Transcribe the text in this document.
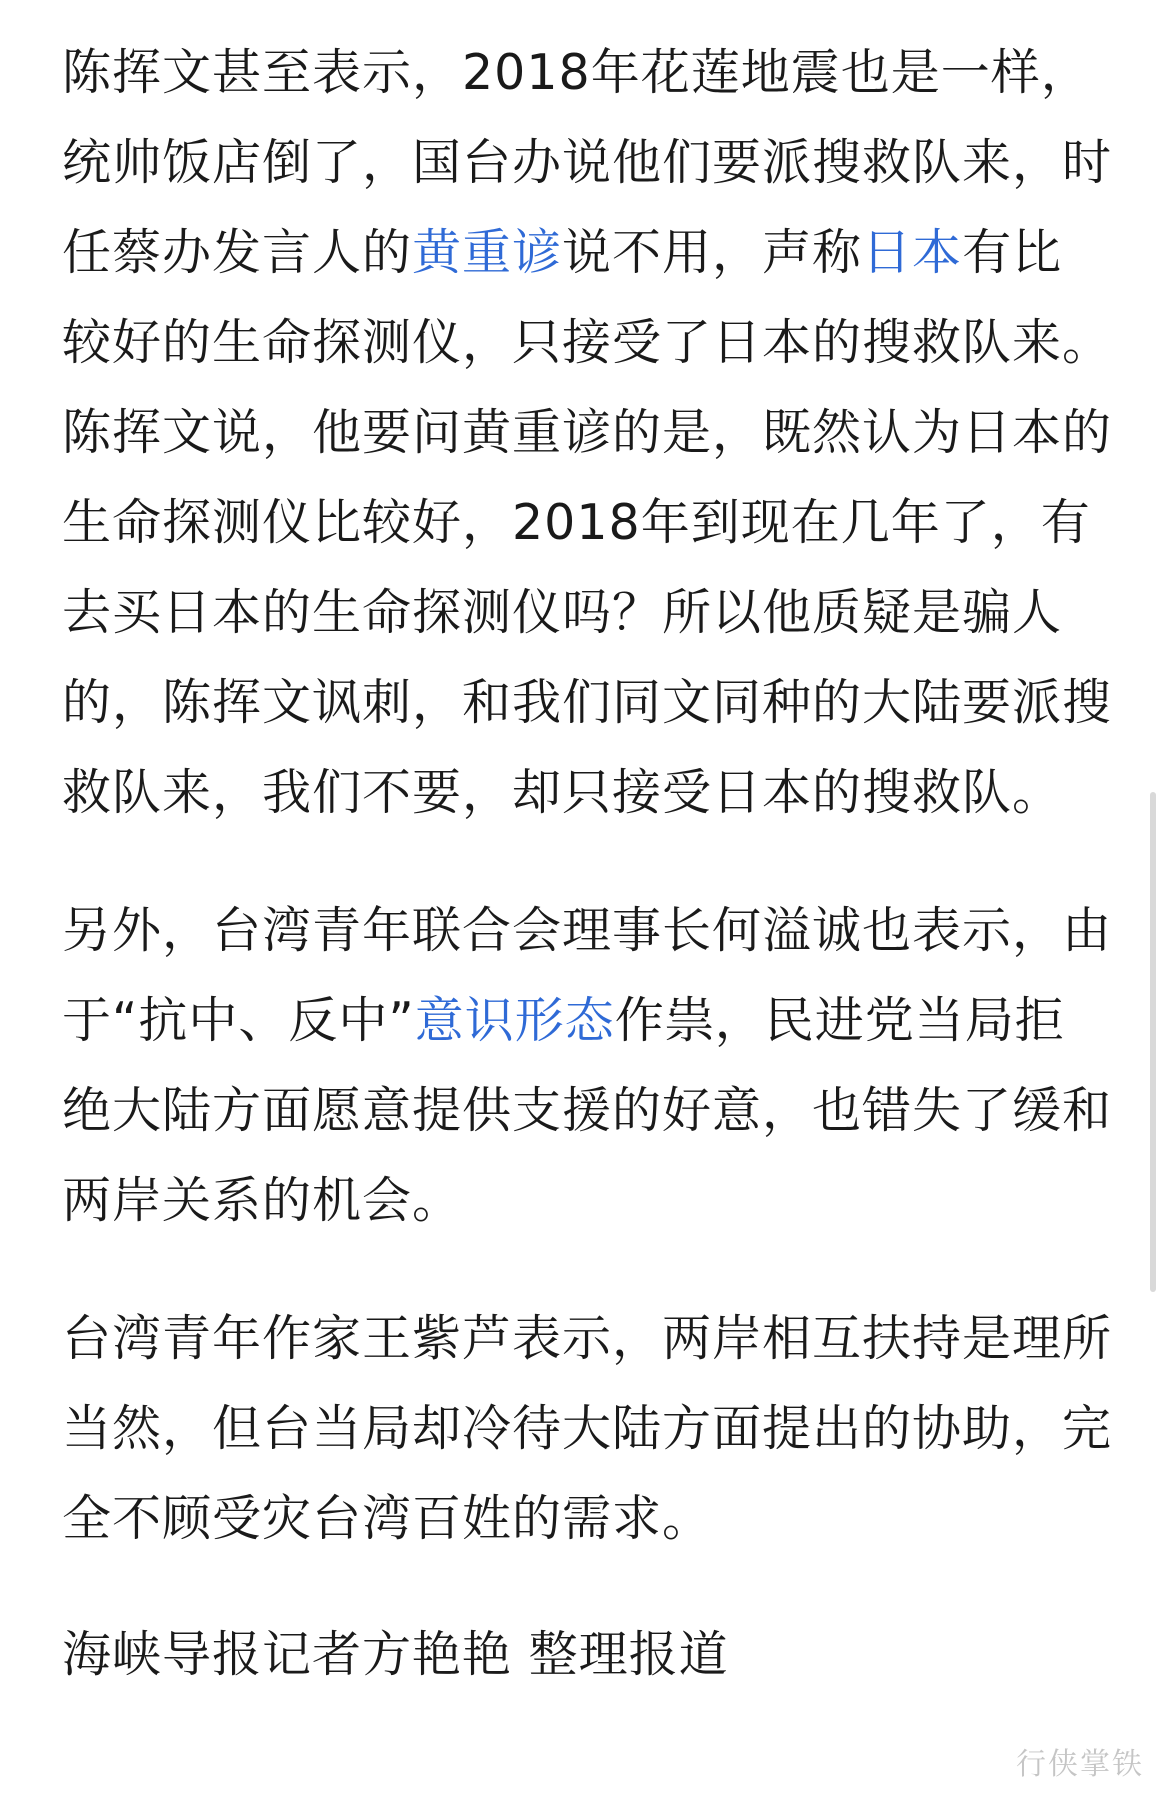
陈挥文甚至表示，2018年花莲地震也是一样，统帅饭店倒了，国台办说他们要派搜救队来，时任蔡办发言人的黄重谚说不用，声称日本有比较好的生命探测仪，只接受了日本的搜救队来。陈挥文说，他要问黄重谚的是，既然认为日本的生命探测仪比较好，2018年到现在几年了，有去买日本的生命探测仪吗？所以他质疑是骗人的，陈挥文讽刺，和我们同文同种的大陆要派搜救队来，我们不要，却只接受日本的搜救队。

另外，台湾青年联合会理事长何溢诚也表示，由于“抗中、反中”意识形态作祟，民进党当局拒绝大陆方面愿意提供支援的好意，也错失了缓和两岸关系的机会。

台湾青年作家王紫芦表示，两岸相互扶持是理所当然，但台当局却冷待大陆方面提出的协助，完全不顾受灾台湾百姓的需求。

海峡导报记者方艳艳 整理报道

行侠掌铁
